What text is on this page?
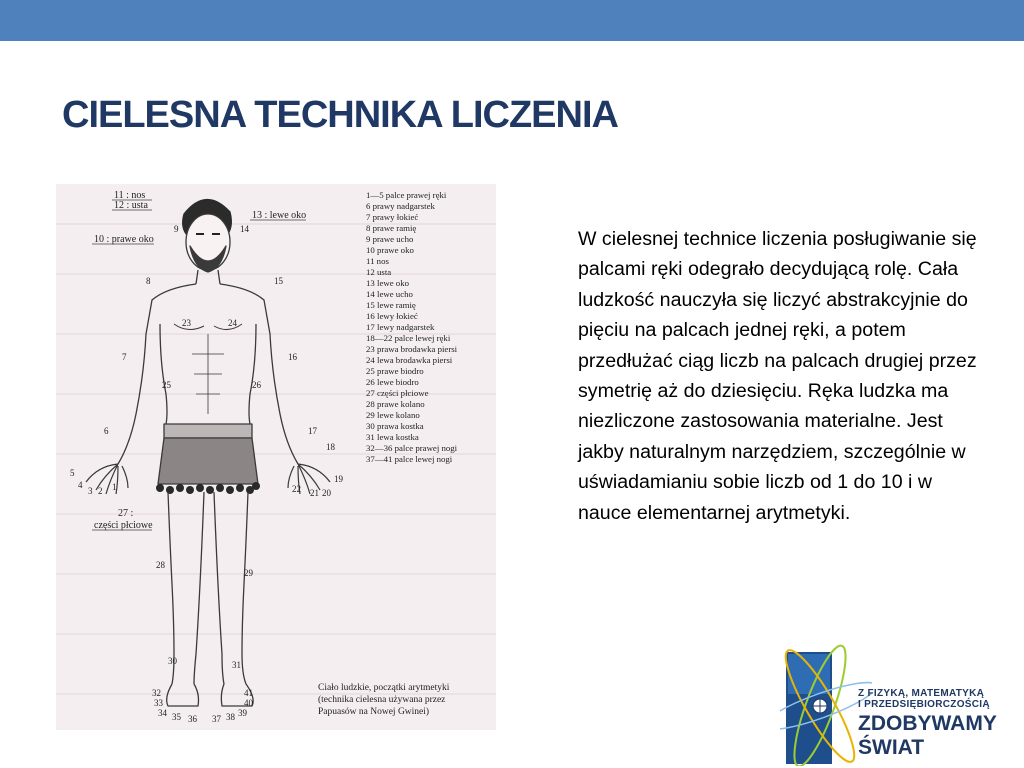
CIELESNA TECHNIKA LICZENIA
11 : nos
12 : usta
10 : prawe oko
27 :
części płciowe
13 : lewe oko
9	14
8	15
23	24
7	16
25	26
6	17
18
5
4
3 2 1
19
20
21
22
28
29
30	31
32
33
34 35 36 37 38 39
40
41
1—5 palce prawej ręki
6 prawy nadgarstek
7 prawy łokieć
8 prawe ramię
9 prawe ucho
10 prawe oko
11 nos
12 usta
13 lewe oko
14 lewe ucho
15 lewe ramię
16 lewy łokieć
17 lewy nadgarstek
18—22 palce lewej ręki
23 prawa brodawka piersi
24 lewa brodawka piersi
25 prawe biodro
26 lewe biodro
27 części płciowe
28 prawe kolano
29 lewe kolano
30 prawa kostka
31 lewa kostka
32—36 palce prawej nogi
37—41 palce lewej nogi
Ciało ludzkie, początki arytmetyki
(technika cielesna używana przez
Papuasów na Nowej Gwinei)

W cielesnej technice liczenia posługiwanie się palcami ręki odegrało decydującą rolę. Cała ludzkość nauczyła się liczyć abstrakcyjnie do pięciu na palcach jednej ręki, a potem przedłużać ciąg liczb na palcach drugiej przez symetrię aż do dziesięciu. Ręka ludzka ma niezliczone zastosowania materialne. Jest jakby naturalnym narzędziem, szczególnie w uświadamianiu sobie liczb od 1 do 10 i w nauce elementarnej arytmetyki.

Z FIZYKĄ, MATEMATYKĄ
I PRZEDSIĘBIORCZOŚCIĄ
ZDOBYWAMY
ŚWIAT
